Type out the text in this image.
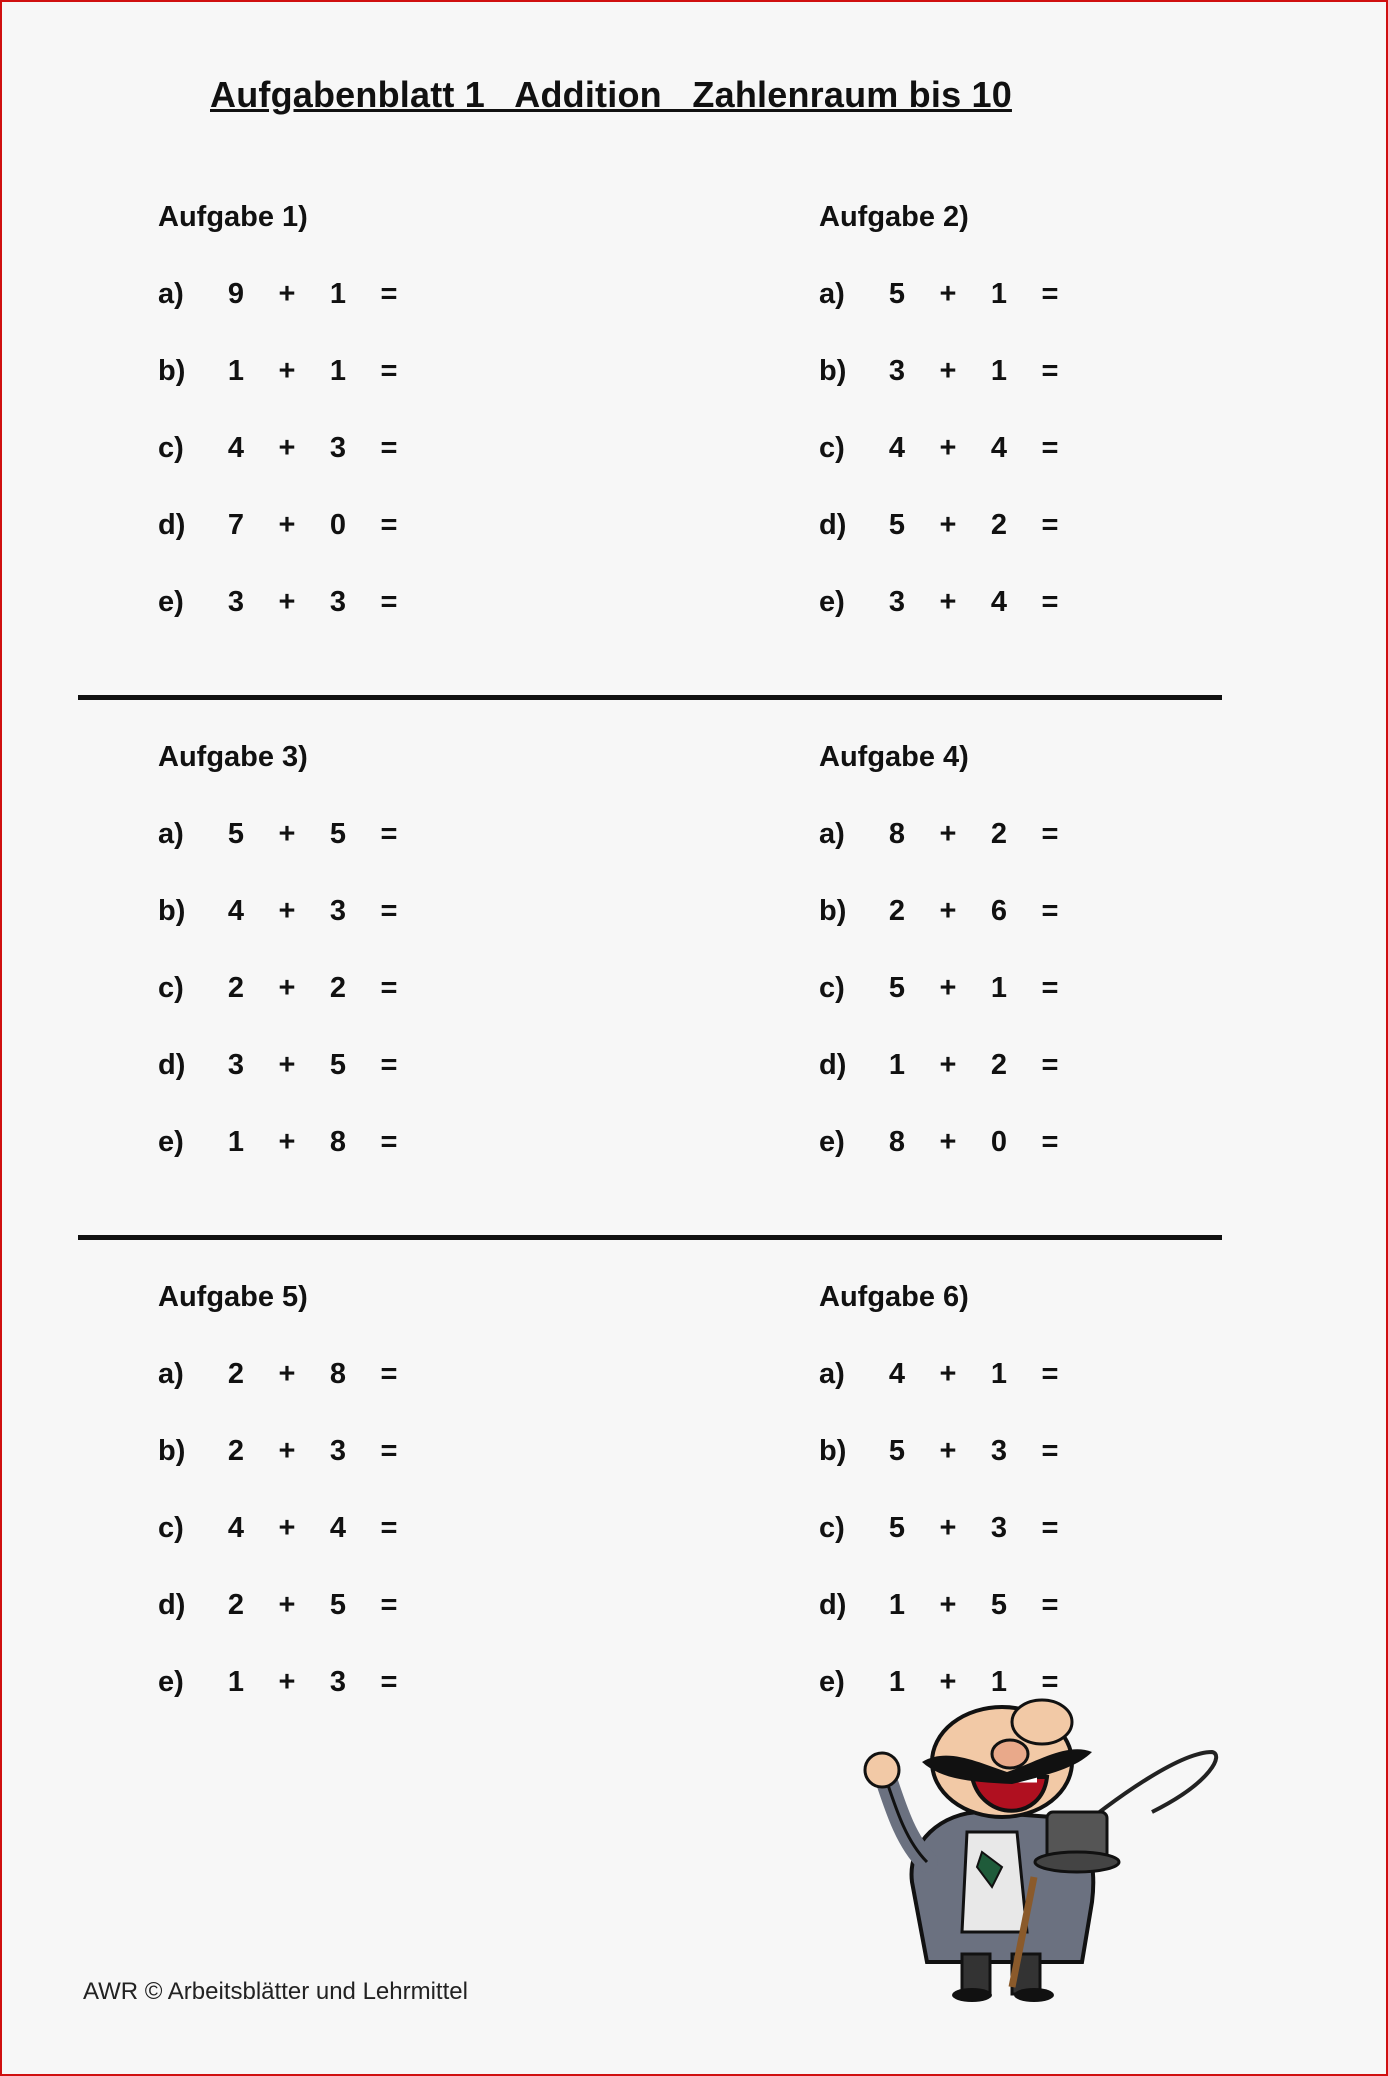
Aufgabenblatt 1   Addition   Zahlenraum bis 10
Aufgabe 1)
a) 9 + 1 =
b) 1 + 1 =
c) 4 + 3 =
d) 7 + 0 =
e) 3 + 3 =
Aufgabe 2)
a) 5 + 1 =
b) 3 + 1 =
c) 4 + 4 =
d) 5 + 2 =
e) 3 + 4 =
Aufgabe 3)
a) 5 + 5 =
b) 4 + 3 =
c) 2 + 2 =
d) 3 + 5 =
e) 1 + 8 =
Aufgabe 4)
a) 8 + 2 =
b) 2 + 6 =
c) 5 + 1 =
d) 1 + 2 =
e) 8 + 0 =
Aufgabe 5)
a) 2 + 8 =
b) 2 + 3 =
c) 4 + 4 =
d) 2 + 5 =
e) 1 + 3 =
Aufgabe 6)
a) 4 + 1 =
b) 5 + 3 =
c) 5 + 3 =
d) 1 + 5 =
e) 1 + 1 =
AWR © Arbeitsblätter und Lehrmittel
